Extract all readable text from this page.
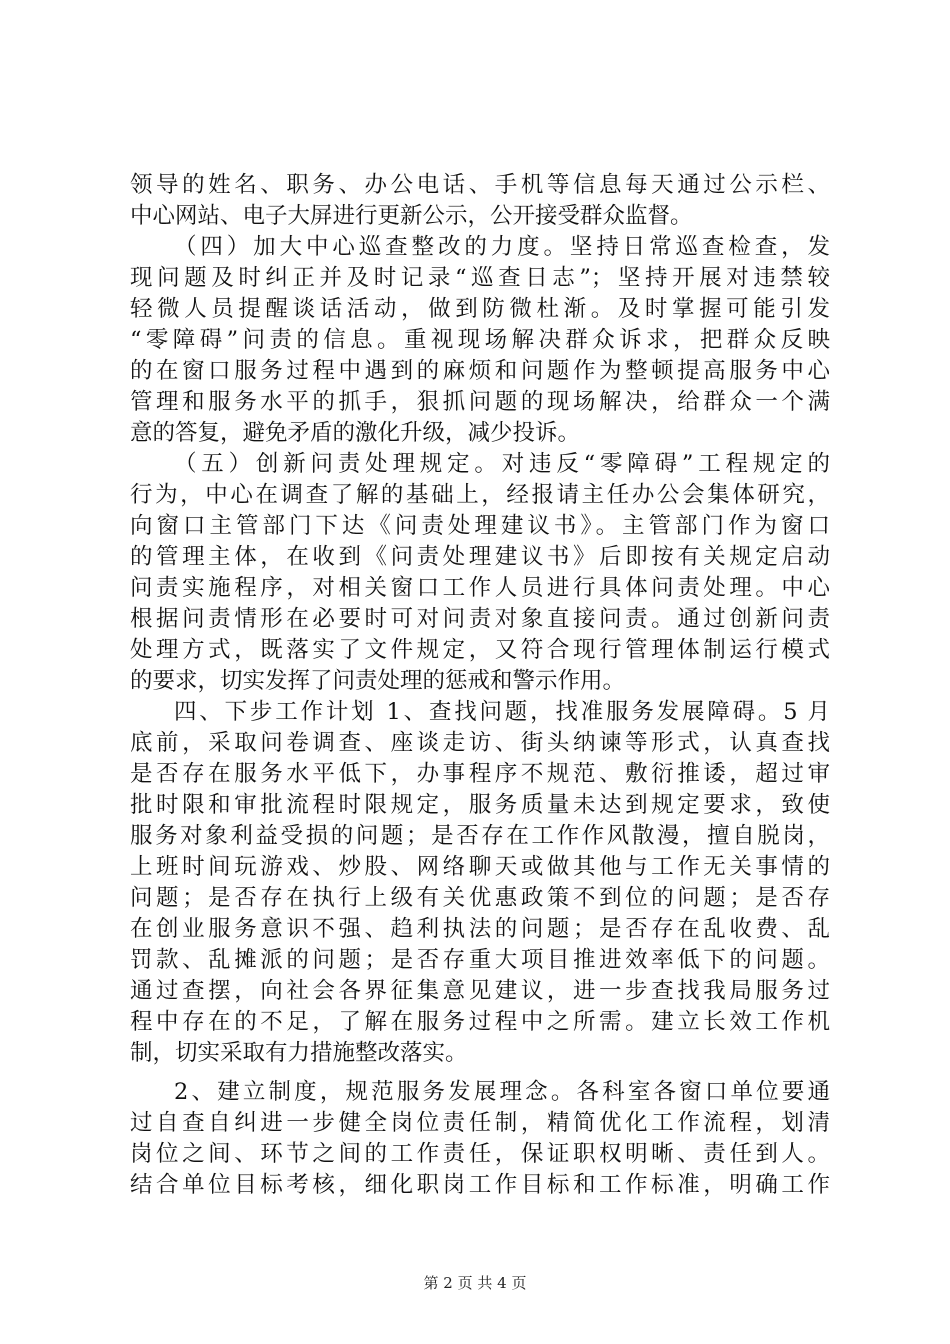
领导的姓名、职务、办公电话、手机等信息每天通过公示栏、
中心网站、电子大屏进行更新公示，公开接受群众监督。
（四）加大中心巡查整改的力度。坚持日常巡查检查，发
现问题及时纠正并及时记录“巡查日志”；坚持开展对违禁较
轻微人员提醒谈话活动，做到防微杜渐。及时掌握可能引发
“零障碍”问责的信息。重视现场解决群众诉求，把群众反映
的在窗口服务过程中遇到的麻烦和问题作为整顿提高服务中心
管理和服务水平的抓手，狠抓问题的现场解决，给群众一个满
意的答复，避免矛盾的激化升级，减少投诉。
（五）创新问责处理规定。对违反“零障碍”工程规定的
行为，中心在调查了解的基础上，经报请主任办公会集体研究，
向窗口主管部门下达《问责处理建议书》。主管部门作为窗口
的管理主体，在收到《问责处理建议书》后即按有关规定启动
问责实施程序，对相关窗口工作人员进行具体问责处理。中心
根据问责情形在必要时可对问责对象直接问责。通过创新问责
处理方式，既落实了文件规定，又符合现行管理体制运行模式
的要求，切实发挥了问责处理的惩戒和警示作用。
四、下步工作计划 1、查找问题，找准服务发展障碍。5 月
底前，采取问卷调查、座谈走访、街头纳谏等形式，认真查找
是否存在服务水平低下，办事程序不规范、敷衍推诿，超过审
批时限和审批流程时限规定，服务质量未达到规定要求，致使
服务对象利益受损的问题；是否存在工作作风散漫，擅自脱岗，
上班时间玩游戏、炒股、网络聊天或做其他与工作无关事情的
问题；是否存在执行上级有关优惠政策不到位的问题；是否存
在创业服务意识不强、趋利执法的问题；是否存在乱收费、乱
罚款、乱摊派的问题；是否存重大项目推进效率低下的问题。
通过查摆，向社会各界征集意见建议，进一步查找我局服务过
程中存在的不足，了解在服务过程中之所需。建立长效工作机
制，切实采取有力措施整改落实。
2、建立制度，规范服务发展理念。各科室各窗口单位要通
过自查自纠进一步健全岗位责任制，精简优化工作流程，划清
岗位之间、环节之间的工作责任，保证职权明晰、责任到人。
结合单位目标考核，细化职岗工作目标和工作标准，明确工作
第 2 页 共 4 页
